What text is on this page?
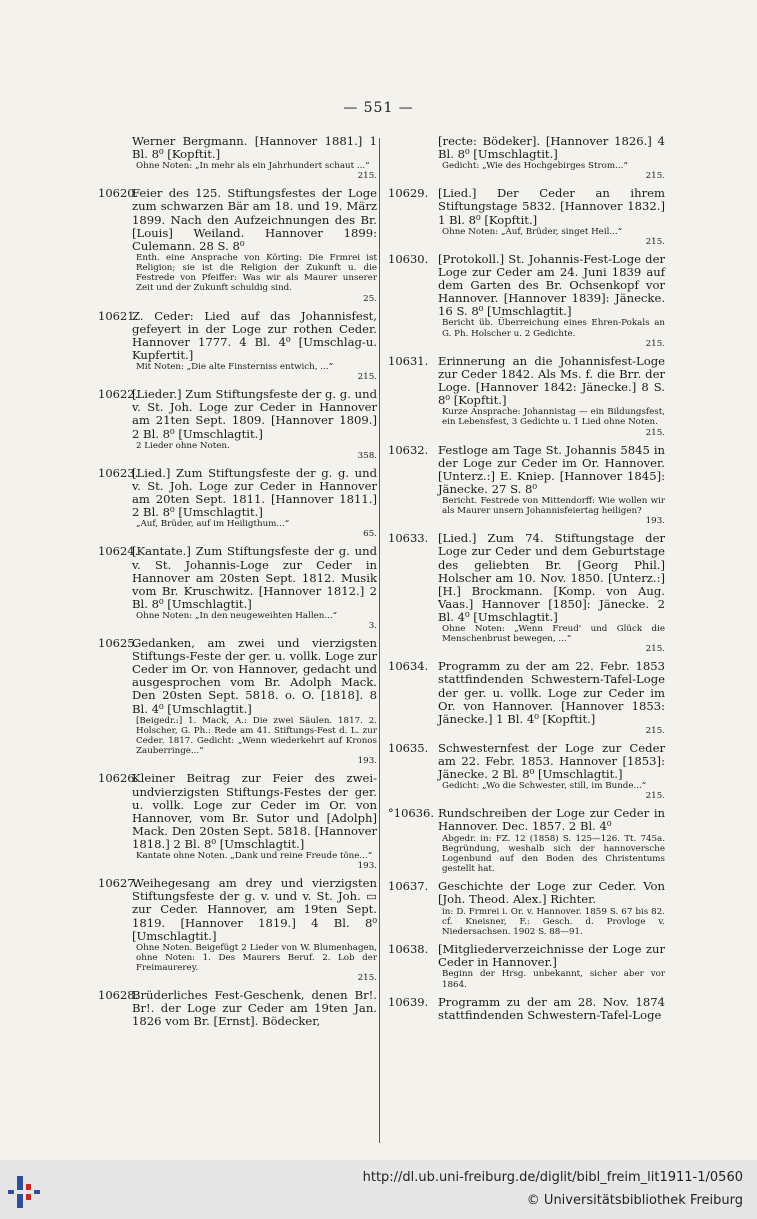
— 551 —
Werner Bergmann. [Hannover 1881.] 1 Bl. 8⁰ [Kopftit.]
Ohne Noten: „In mehr als ein Jahrhundert schaut ...“
215.
10620.
Feier des 125. Stiftungsfestes der Loge zum schwarzen Bär am 18. und 19. März 1899. Nach den Aufzeichnungen des Br. [Louis] Weiland. Hannover 1899: Culemann. 28 S. 8⁰
Enth. eine Ansprache von Körting: Die Frmrei ist Religion; sie ist die Religion der Zukunft u. die Festrede von Pfeiffer: Was wir als Maurer unserer Zeit und der Zukunft schuldig sind.
25.
10621.
Z. Ceder: Lied auf das Johannisfest, gefeyert in der Loge zur rothen Ceder. Hannover 1777. 4 Bl. 4⁰ [Umschlag-u. Kupfertit.]
Mit Noten: „Die alte Finsterniss entwich, ...“
215.
10622.
[Lieder.] Zum Stiftungsfeste der g. g. und v. St. Joh. Loge zur Ceder in Hannover am 21ten Sept. 1809. [Hannover 1809.] 2 Bl. 8⁰ [Umschlagtit.]
2 Lieder ohne Noten.
358.
10623.
[Lied.] Zum Stiftungsfeste der g. g. und v. St. Joh. Loge zur Ceder in Hannover am 20ten Sept. 1811. [Hannover 1811.] 2 Bl. 8⁰ [Umschlagtit.]
„Auf, Brüder, auf im Heiligthum...“
65.
10624.
[Kantate.] Zum Stiftungsfeste der g. und v. St. Johannis-Loge zur Ceder in Hannover am 20sten Sept. 1812. Musik vom Br. Kruschwitz. [Hannover 1812.] 2 Bl. 8⁰ [Umschlagtit.]
Ohne Noten: „In den neugeweihten Hallen...“
3.
10625.
Gedanken, am zwei und vierzigsten Stiftungs-Feste der ger. u. vollk. Loge zur Ceder im Or. von Hannover, gedacht und ausgesprochen vom Br. Adolph Mack. Den 20sten Sept. 5818. o. O. [1818]. 8 Bl. 4⁰ [Umschlagtit.]
[Beigedr.:] 1. Mack, A.: Die zwei Säulen. 1817. 2. Holscher, G. Ph.: Rede am 41. Stiftungs-Fest d. L. zur Ceder. 1817. Gedicht: „Wenn wiederkehrt auf Kronos Zauberringe...“
193.
10626.
Kleiner Beitrag zur Feier des zwei- undvierzigsten Stiftungs-Festes der ger. u. vollk. Loge zur Ceder im Or. von Hannover, vom Br. Sutor und [Adolph] Mack. Den 20sten Sept. 5818. [Hannover 1818.] 2 Bl. 8⁰ [Umschlagtit.]
Kantate ohne Noten. „Dank und reine Freude töne...“
193.
10627.
Weihegesang am drey und vierzigsten Stiftungsfeste der g. v. und v. St. Joh. ▭ zur Ceder. Hannover, am 19ten Sept. 1819. [Hannover 1819.] 4 Bl. 8⁰ [Umschlagtit.]
Ohne Noten. Beigefügt 2 Lieder von W. Blumenhagen, ohne Noten: 1. Des Maurers Beruf. 2. Lob der Freimaurerey.
215.
10628.
Brüderliches Fest-Geschenk, denen Br!. Br!. der Loge zur Ceder am 19ten Jan. 1826 vom Br. [Ernst]. Bödecker,
[recte: Bödeker]. [Hannover 1826.] 4 Bl. 8⁰ [Umschlagtit.]
Gedicht: „Wie des Hochgebirges Strom...“
215.
10629. [Lied.] Der Ceder an ihrem Stiftungstage 5832. [Hannover 1832.] 1 Bl. 8⁰ [Kopftit.]
Ohne Noten: „Auf, Brüder, singet Heil...“
215.
10630. [Protokoll.] St. Johannis-Fest-Loge der Loge zur Ceder am 24. Juni 1839 auf dem Garten des Br. Ochsenkopf vor Hannover. [Hannover 1839]: Jänecke. 16 S. 8⁰ [Umschlagtit.]
Bericht üb. Überreichung eines Ehren-Pokals an G. Ph. Holscher u. 2 Gedichte.
215.
10631. Erinnerung an die Johannisfest-Loge zur Ceder 1842. Als Ms. f. die Brr. der Loge. [Hannover 1842: Jänecke.] 8 S. 8⁰ [Kopftit.]
Kurze Ansprache: Johannistag — ein Bildungsfest, ein Lebensfest, 3 Gedichte u. 1 Lied ohne Noten.
215.
10632. Festloge am Tage St. Johannis 5845 in der Loge zur Ceder im Or. Hannover. [Unterz.:] E. Kniep. [Hannover 1845]: Jänecke. 27 S. 8⁰
Bericht. Festrede von Mittendorff: Wie wollen wir als Maurer unsern Johannisfeiertag heiligen?
193.
10633. [Lied.] Zum 74. Stiftungstage der Loge zur Ceder und dem Geburtstage des geliebten Br. [Georg Phil.] Holscher am 10. Nov. 1850. [Unterz.:] [H.] Brockmann. [Komp. von Aug. Vaas.] Hannover [1850]: Jänecke. 2 Bl. 4⁰ [Umschlagtit.]
Ohne Noten: „Wenn Freud' und Glück die Menschenbrust bewegen, ...“
215.
10634. Programm zu der am 22. Febr. 1853 stattfindenden Schwestern-Tafel-Loge der ger. u. vollk. Loge zur Ceder im Or. von Hannover. [Hannover 1853: Jänecke.] 1 Bl. 4⁰ [Kopftit.]
215.
10635. Schwesternfest der Loge zur Ceder am 22. Febr. 1853. Hannover [1853]: Jänecke. 2 Bl. 8⁰ [Umschlagtit.]
Gedicht: „Wo die Schwester, still, im Bunde...“
215.
°10636. Rundschreiben der Loge zur Ceder in Hannover. Dec. 1857. 2 Bl. 4⁰
Abgedr. in: FZ. 12 (1858) S. 125—126. Tt. 745a. Begründung, weshalb sich der hannoversche Logenbund auf den Boden des Christentums gestellt hat.
10637. Geschichte der Loge zur Ceder. Von [Joh. Theod. Alex.] Richter.
in: D. Frmrei i. Or. v. Hannover. 1859 S. 67 bis 82. cf. Kneisner, F.: Gesch. d. Provloge v. Niedersachsen. 1902 S. 88—91.
10638. [Mitgliederverzeichnisse der Loge zur Ceder in Hannover.]
Beginn der Hrsg. unbekannt, sicher aber vor 1864.
10639. Programm zu der am 28. Nov. 1874 stattfindenden Schwestern-Tafel-Loge
http://dl.ub.uni-freiburg.de/diglit/bibl_freim_lit1911-1/0560
© Universitätsbibliothek Freiburg
